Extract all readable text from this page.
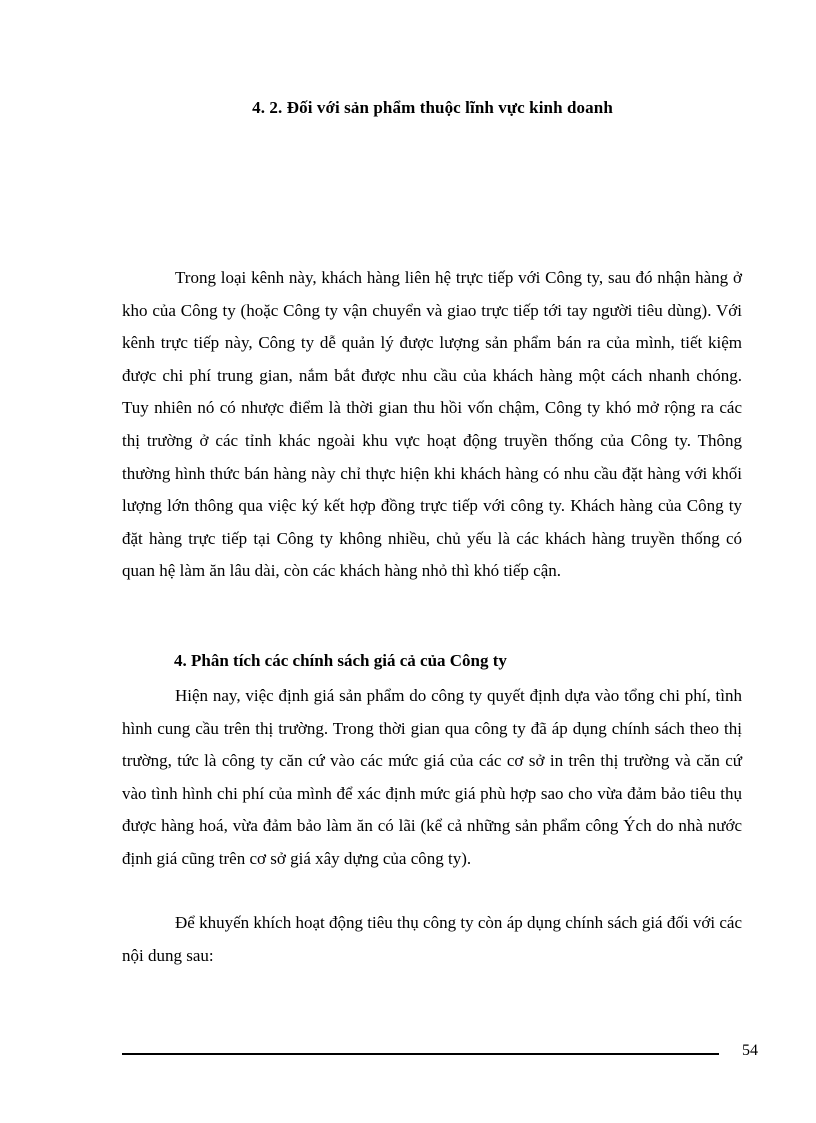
4. 2. Đối với sản phẩm thuộc lĩnh vực kinh doanh

Trong loại kênh này, khách hàng liên hệ trực tiếp với Công ty, sau đó nhận hàng ở kho của Công ty (hoặc Công ty vận chuyển và giao trực tiếp tới tay người tiêu dùng). Với kênh trực tiếp này, Công ty dễ quản lý được lượng sản phẩm bán ra của mình, tiết kiệm được chi phí trung gian, nắm bắt được nhu cầu của khách hàng một cách nhanh chóng. Tuy nhiên nó có nhược điểm là thời gian thu hồi vốn chậm, Công ty khó mở rộng ra các thị trường ở các tỉnh khác ngoài khu vực hoạt động truyền thống của Công ty. Thông thường hình thức bán hàng này chỉ thực hiện khi khách hàng có nhu cầu đặt hàng với khối lượng lớn thông qua việc ký kết hợp đồng trực tiếp với công ty. Khách hàng của Công ty đặt hàng trực tiếp tại Công ty không nhiều, chủ yếu là các khách hàng truyền thống có quan hệ làm ăn lâu dài, còn các khách hàng nhỏ thì khó tiếp cận.

4. Phân tích các chính sách giá cả của Công ty

Hiện nay, việc định giá sản phẩm do công ty quyết định dựa vào tổng chi phí, tình hình cung cầu trên thị trường. Trong thời gian qua công ty đã áp dụng chính sách theo thị trường, tức là công ty căn cứ vào các mức giá của các cơ sở in trên thị trường và căn cứ vào tình hình chi phí của mình để xác định mức giá phù hợp sao cho vừa đảm bảo tiêu thụ được hàng hoá, vừa đảm bảo làm ăn có lãi (kể cả những sản phẩm công Ých do nhà nước định giá cũng trên cơ sở giá xây dựng của công ty).

Để khuyến khích hoạt động tiêu thụ công ty còn áp dụng chính sách giá đối với các nội dung sau:

54
